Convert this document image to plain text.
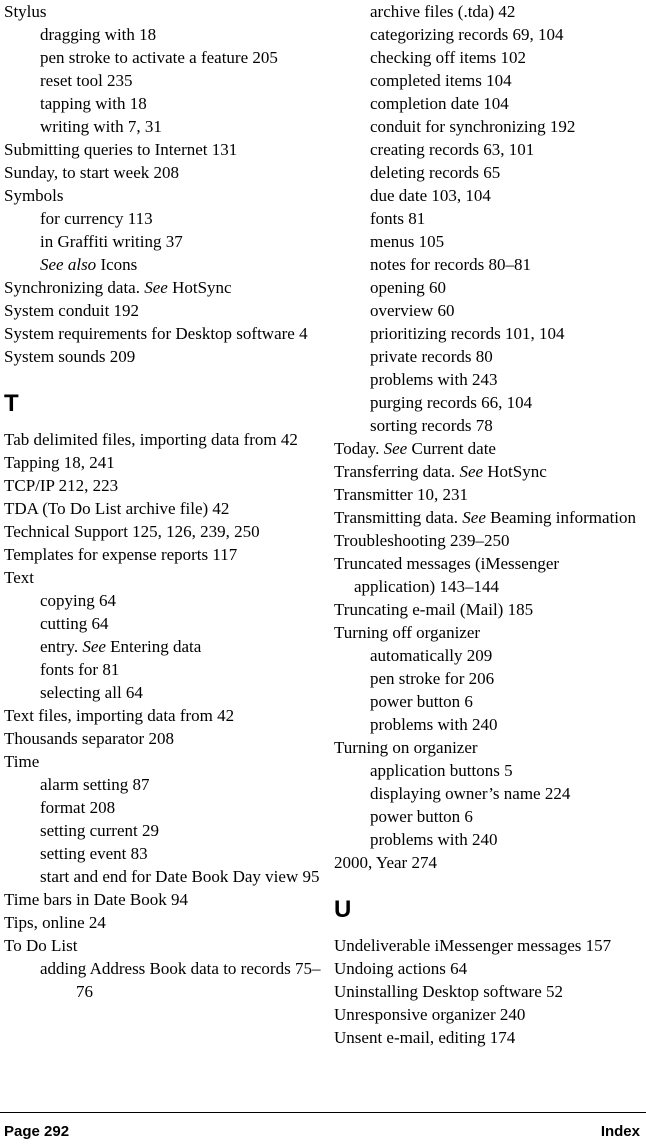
Stylus
dragging with 18
pen stroke to activate a feature 205
reset tool 235
tapping with 18
writing with 7, 31
Submitting queries to Internet 131
Sunday, to start week 208
Symbols
for currency 113
in Graffiti writing 37
See also Icons
Synchronizing data. See HotSync
System conduit 192
System requirements for Desktop software 4
System sounds 209
T
Tab delimited files, importing data from 42
Tapping 18, 241
TCP/IP 212, 223
TDA (To Do List archive file) 42
Technical Support 125, 126, 239, 250
Templates for expense reports 117
Text
copying 64
cutting 64
entry. See Entering data
fonts for 81
selecting all 64
Text files, importing data from 42
Thousands separator 208
Time
alarm setting 87
format 208
setting current 29
setting event 83
start and end for Date Book Day view 95
Time bars in Date Book 94
Tips, online 24
To Do List
adding Address Book data to records 75–76
archive files (.tda) 42
categorizing records 69, 104
checking off items 102
completed items 104
completion date 104
conduit for synchronizing 192
creating records 63, 101
deleting records 65
due date 103, 104
fonts 81
menus 105
notes for records 80–81
opening 60
overview 60
prioritizing records 101, 104
private records 80
problems with 243
purging records 66, 104
sorting records 78
Today. See Current date
Transferring data. See HotSync
Transmitter 10, 231
Transmitting data. See Beaming information
Troubleshooting 239–250
Truncated messages (iMessenger application) 143–144
Truncating e-mail (Mail) 185
Turning off organizer
automatically 209
pen stroke for 206
power button 6
problems with 240
Turning on organizer
application buttons 5
displaying owner’s name 224
power button 6
problems with 240
2000, Year 274
U
Undeliverable iMessenger messages 157
Undoing actions 64
Uninstalling Desktop software 52
Unresponsive organizer 240
Unsent e-mail, editing 174
Page 292	Index
